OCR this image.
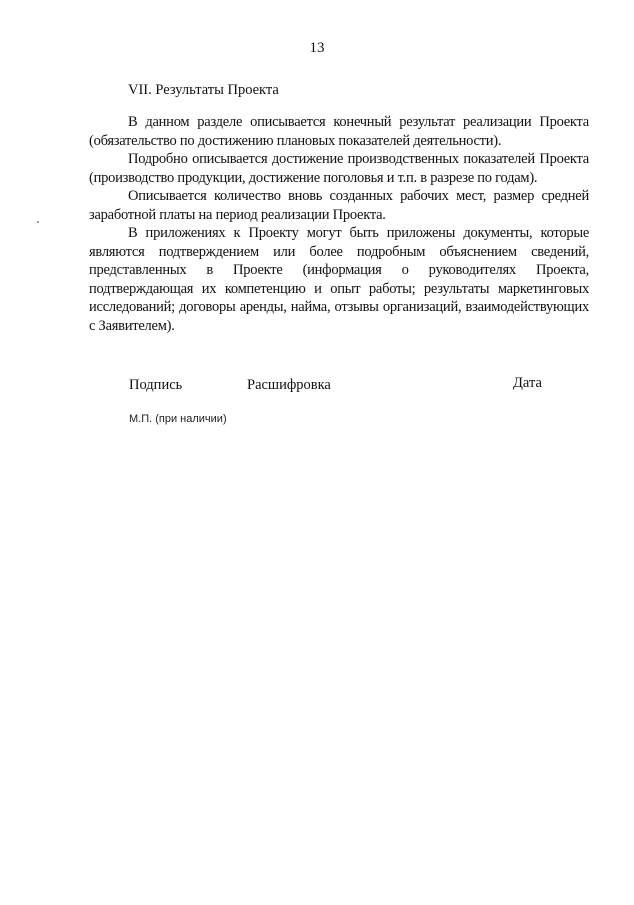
13
VII. Результаты Проекта

В данном разделе описывается конечный результат реализации Проекта (обязательство по достижению плановых показателей деятельности).

Подробно описывается достижение производственных показателей Проекта (производство продукции, достижение поголовья и т.п. в разрезе по годам).

Описывается количество вновь созданных рабочих мест, размер средней заработной платы на период реализации Проекта.

В приложениях к Проекту могут быть приложены документы, которые являются подтверждением или более подробным объяснением сведений, представленных в Проекте (информация о руководителях Проекта, подтверждающая их компетенцию и опыт работы; результаты маркетинговых исследований; договоры аренды, найма, отзывы организаций, взаимодействующих с Заявителем).

Подпись	Расшифровка	Дата
М.П. (при наличии)
